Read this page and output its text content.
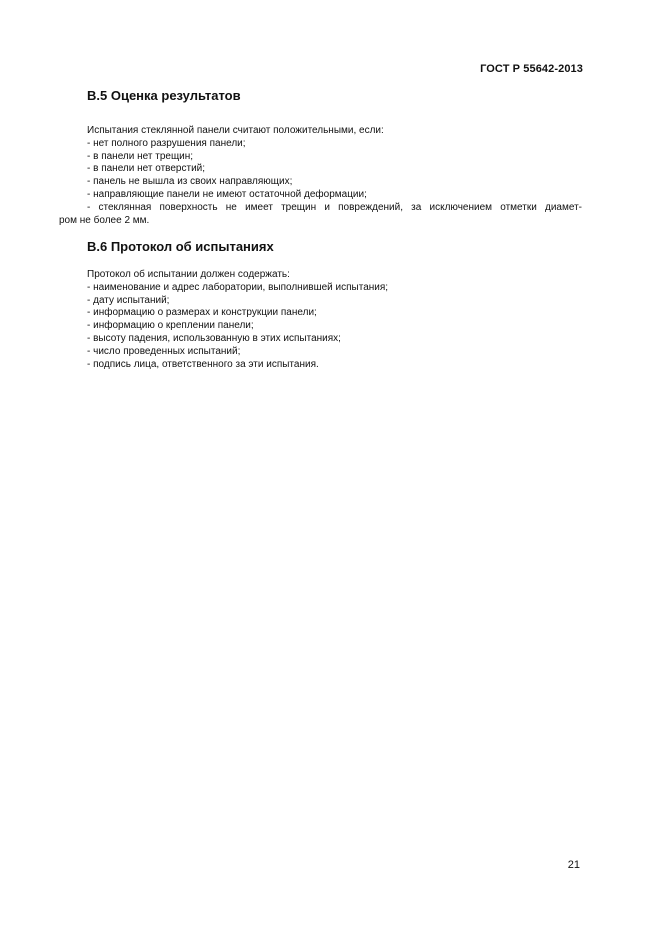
ГОСТ Р 55642-2013
В.5 Оценка результатов
Испытания стеклянной панели считают положительными, если:
- нет полного разрушения панели;
- в панели нет трещин;
- в панели нет отверстий;
- панель не вышла из своих направляющих;
- направляющие панели не имеют остаточной деформации;
- стеклянная поверхность не имеет трещин и повреждений, за исключением отметки диамет-
ром не более 2 мм.
В.6 Протокол об испытаниях
Протокол об испытании должен содержать:
- наименование и адрес лаборатории, выполнившей испытания;
- дату испытаний;
- информацию о размерах и конструкции панели;
- информацию о креплении панели;
- высоту падения, использованную в этих испытаниях;
- число проведенных испытаний;
- подпись лица, ответственного за эти испытания.
21
